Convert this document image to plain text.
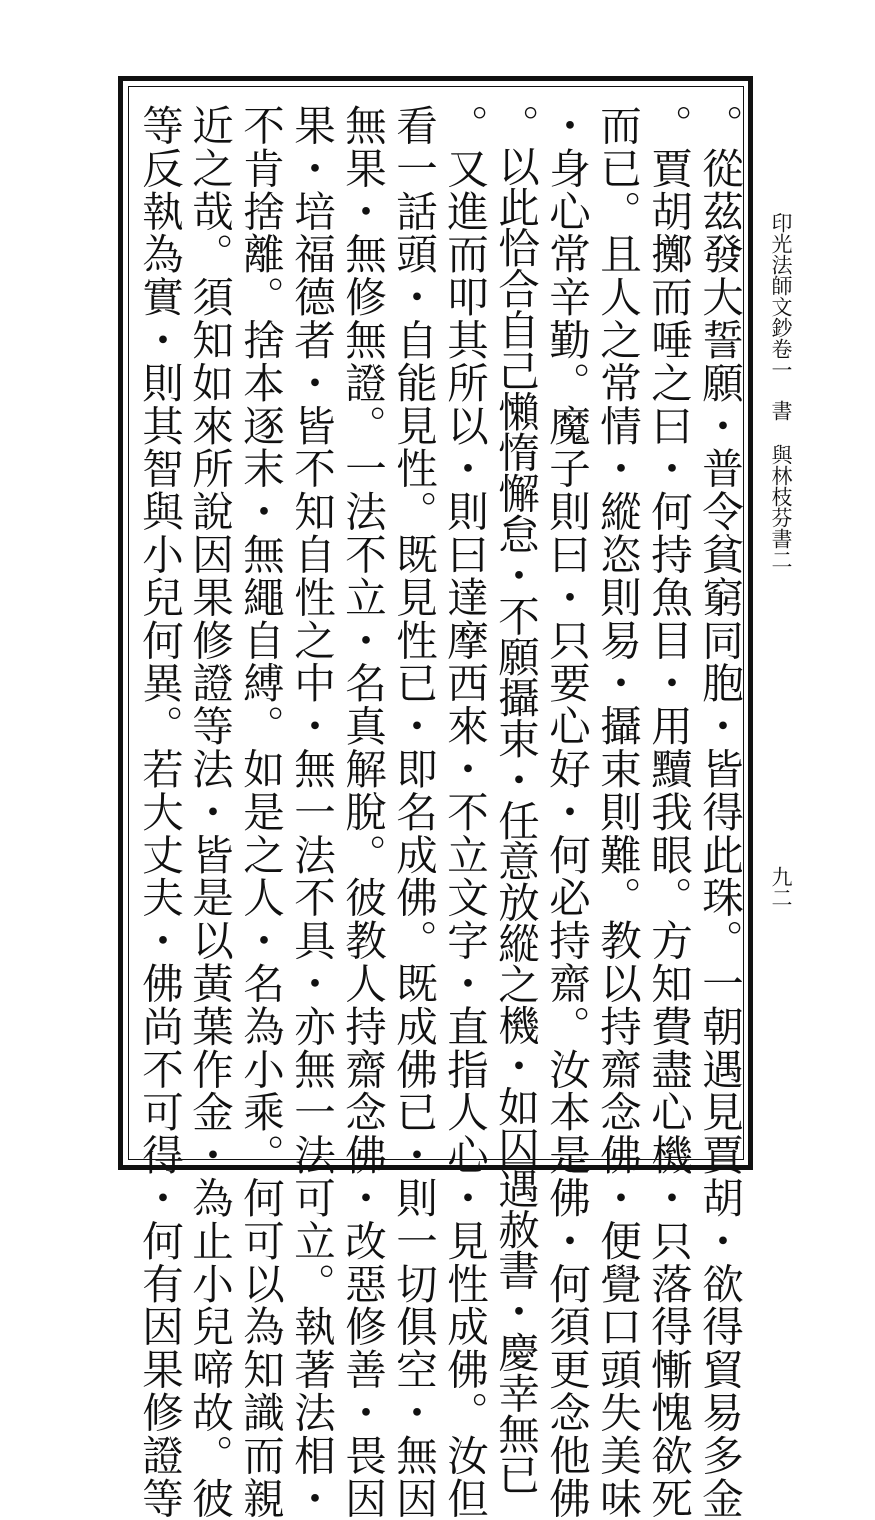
。從茲發大誓願・普令貧窮同胞・皆得此珠。一朝遇見賈胡・欲得貿易多金
。賈胡擲而唾之曰・何持魚目・用黷我眼。方知費盡心機・只落得慚愧欲死
而已。且人之常情・縱恣則易・攝束則難。教以持齋念佛・便覺口頭失美味
・身心常辛勤。魔子則曰・只要心好・何必持齋。汝本是佛・何須更念他佛
。以此恰合自己懶惰懈怠・不願攝束・任意放縱之機・如囚遇赦書・慶幸無已
。又進而叩其所以・則曰達摩西來・不立文字・直指人心・見性成佛。汝但
看一話頭・自能見性。既見性已・即名成佛。既成佛已・則一切俱空・無因
無果・無修無證。一法不立・名真解脫。彼教人持齋念佛・改惡修善・畏因
果・培福德者・皆不知自性之中・無一法不具・亦無一法可立。執著法相・
不肯捨離。捨本逐末・無繩自縛。如是之人・名為小乘。何可以為知識而親
近之哉。須知如來所說因果修證等法・皆是以黃葉作金・為止小兒啼故。彼
等反執為實・則其智與小兒何異。若大丈夫・佛尚不可得・何有因果修證等	印光法師文鈔卷一
書
與林枝芬書二
九二
